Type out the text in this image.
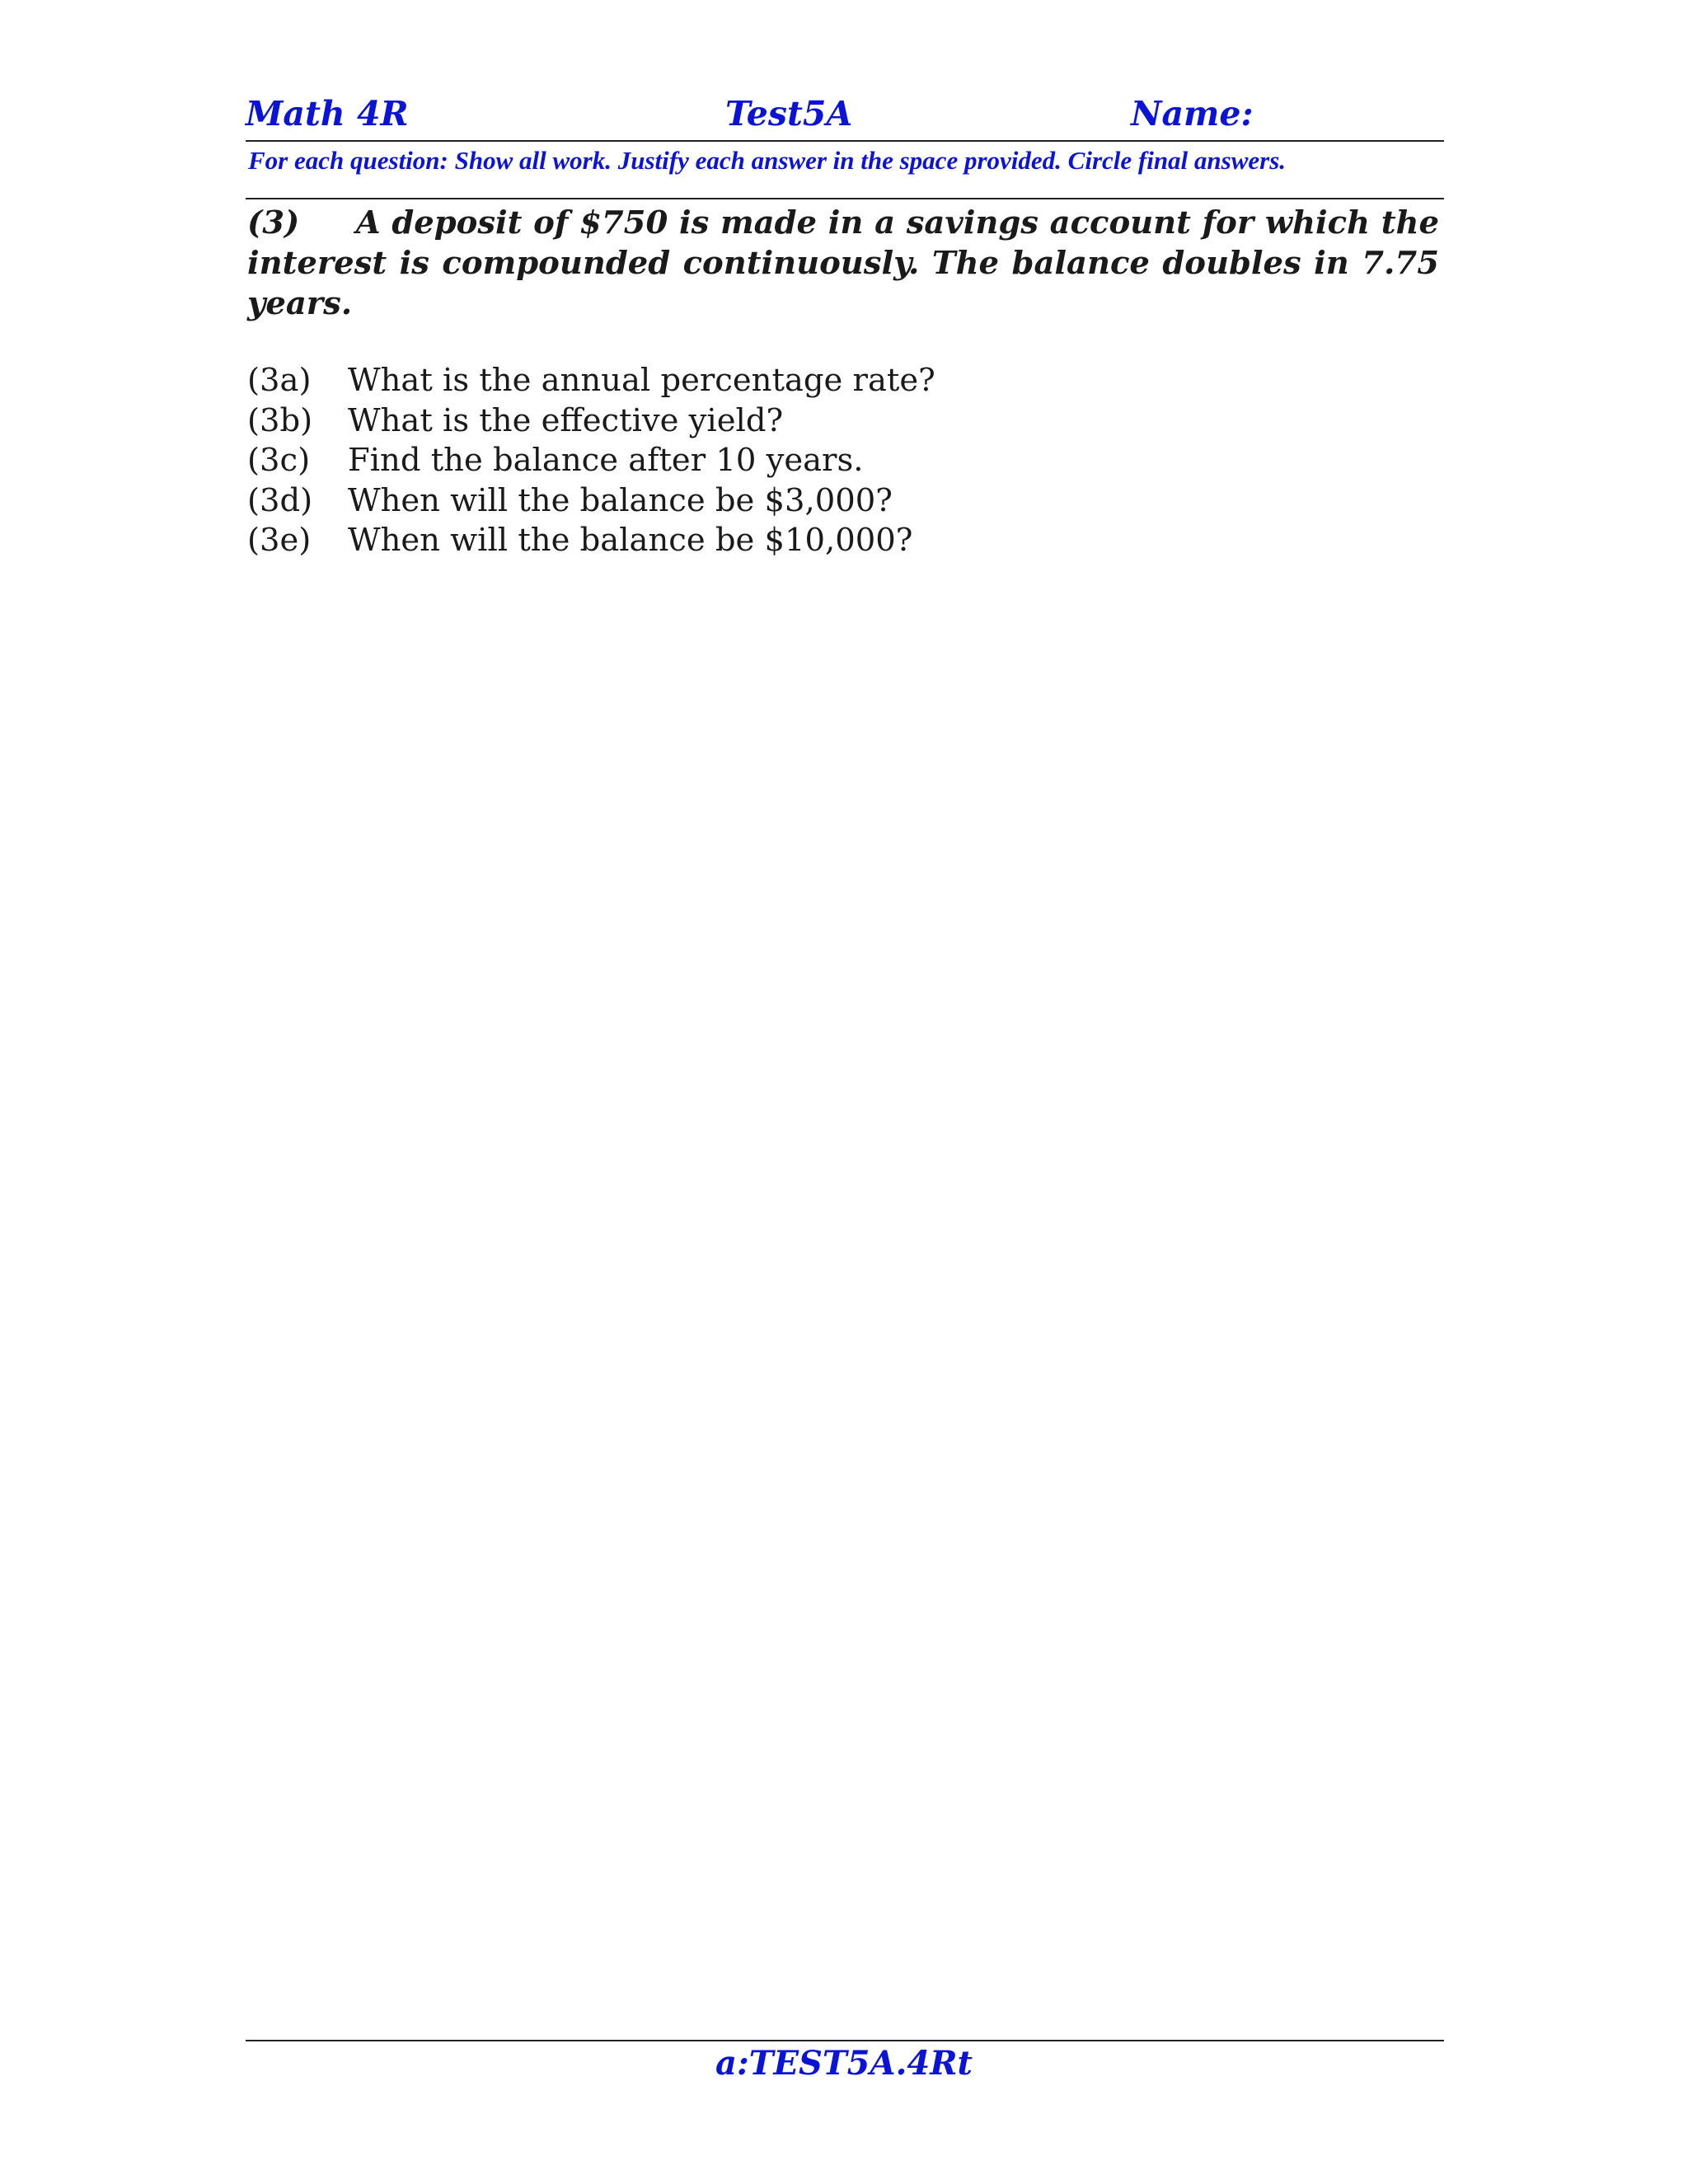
Math 4R	Test5A	Name:
For each question: Show all work. Justify each answer in the space provided. Circle final answers.

(3) A deposit of $750 is made in a savings account for which the interest is compounded continuously. The balance doubles in 7.75 years.

(3a) What is the annual percentage rate?
(3b) What is the effective yield?
(3c) Find the balance after 10 years.
(3d) When will the balance be $3,000?
(3e) When will the balance be $10,000?
a:TEST5A.4Rt
